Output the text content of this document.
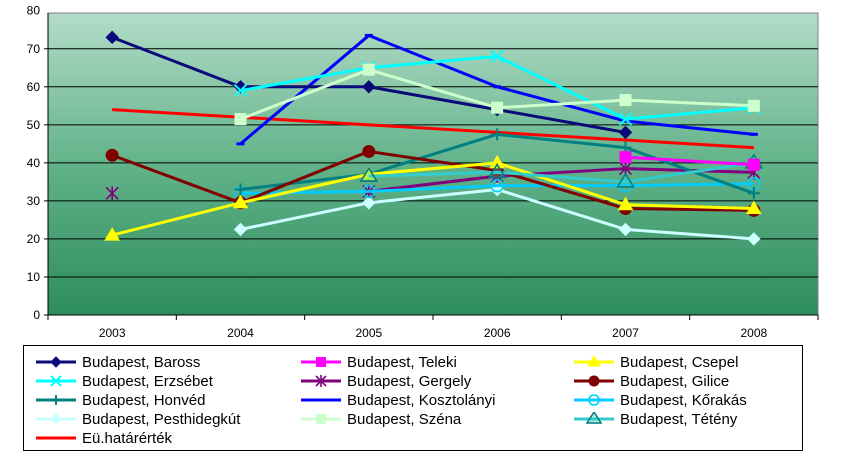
0
10
20
30
40
50
60
70
80
2003	2004	2005	2006	2007	2008
Budapest, Baross	Budapest, Teleki	Budapest, Csepel
Budapest, Erzsébet	Budapest, Gergely	Budapest, Gilice
Budapest, Honvéd	Budapest, Kosztolányi	Budapest, Kőrakás
Budapest, Pesthidegkút	Budapest, Széna	Budapest, Tétény
Eü.határérték
